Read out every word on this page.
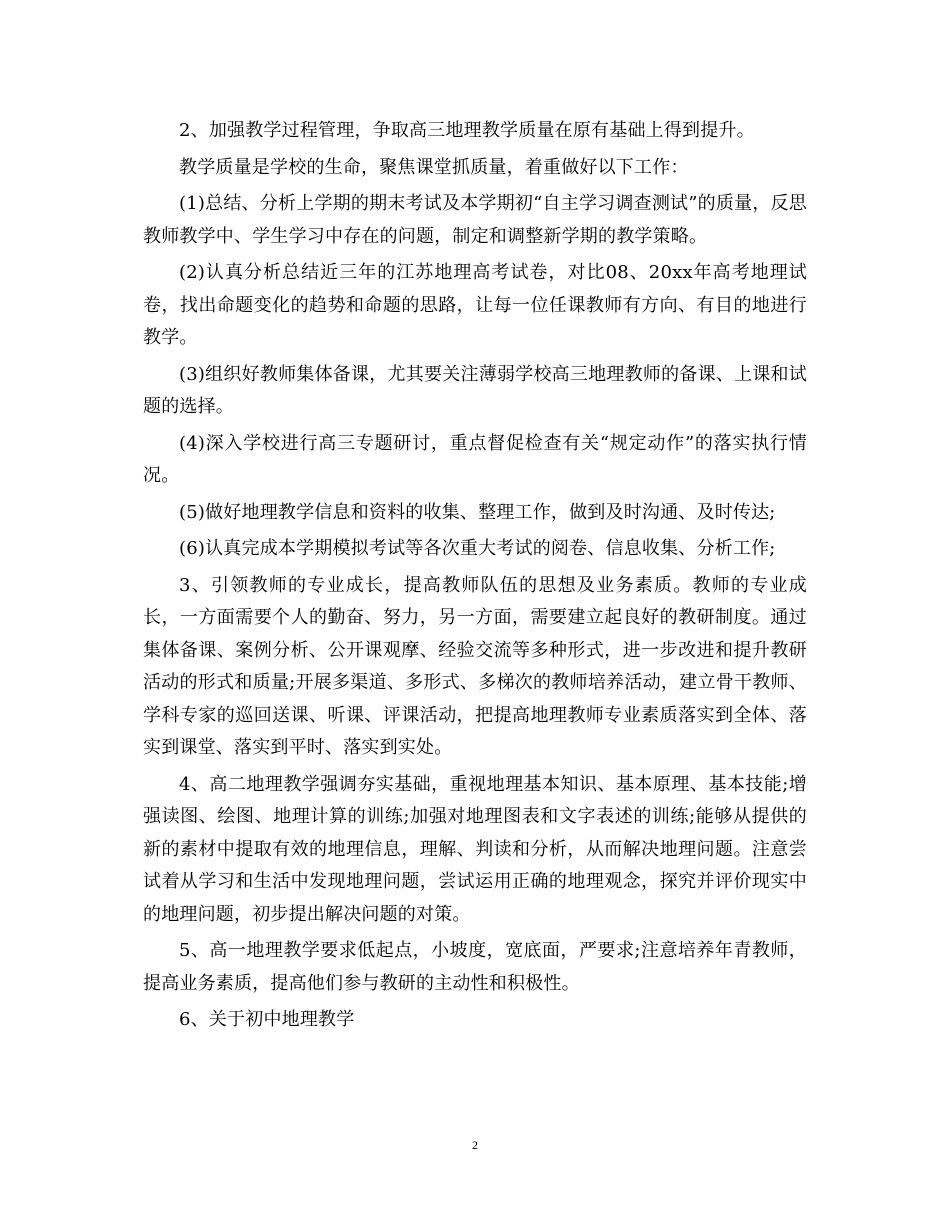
2、加强教学过程管理，争取高三地理教学质量在原有基础上得到提升。

教学质量是学校的生命，聚焦课堂抓质量，着重做好以下工作：

(1)总结、分析上学期的期末考试及本学期初“自主学习调查测试”的质量，反思教师教学中、学生学习中存在的问题，制定和调整新学期的教学策略。

(2)认真分析总结近三年的江苏地理高考试卷，对比08、20xx年高考地理试卷，找出命题变化的趋势和命题的思路，让每一位任课教师有方向、有目的地进行教学。

(3)组织好教师集体备课，尤其要关注薄弱学校高三地理教师的备课、上课和试题的选择。

(4)深入学校进行高三专题研讨，重点督促检查有关“规定动作”的落实执行情况。

(5)做好地理教学信息和资料的收集、整理工作，做到及时沟通、及时传达;

(6)认真完成本学期模拟考试等各次重大考试的阅卷、信息收集、分析工作;

3、引领教师的专业成长，提高教师队伍的思想及业务素质。教师的专业成长，一方面需要个人的勤奋、努力，另一方面，需要建立起良好的教研制度。通过集体备课、案例分析、公开课观摩、经验交流等多种形式，进一步改进和提升教研活动的形式和质量;开展多渠道、多形式、多梯次的教师培养活动，建立骨干教师、学科专家的巡回送课、听课、评课活动，把提高地理教师专业素质落实到全体、落实到课堂、落实到平时、落实到实处。

4、高二地理教学强调夯实基础，重视地理基本知识、基本原理、基本技能;增强读图、绘图、地理计算的训练;加强对地理图表和文字表述的训练;能够从提供的新的素材中提取有效的地理信息，理解、判读和分析，从而解决地理问题。注意尝试着从学习和生活中发现地理问题，尝试运用正确的地理观念，探究并评价现实中的地理问题，初步提出解决问题的对策。

5、高一地理教学要求低起点，小坡度，宽底面，严要求;注意培养年青教师，提高业务素质，提高他们参与教研的主动性和积极性。

6、关于初中地理教学

2
